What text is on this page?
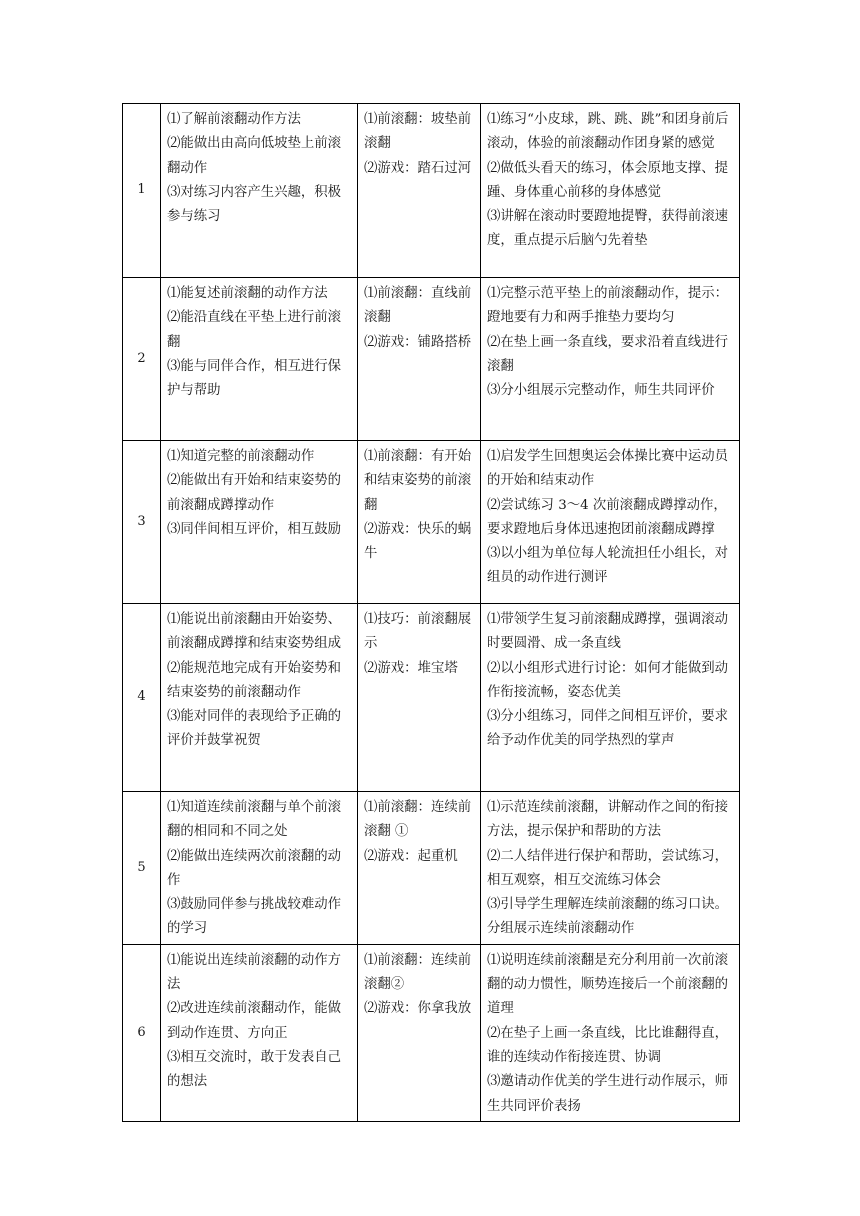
1	⑴了解前滚翻动作方法
⑵能做出由高向低坡垫上前滚翻动作
⑶对练习内容产生兴趣，积极参与练习	⑴前滚翻：坡垫前滚翻
⑵游戏：踏石过河	⑴练习“小皮球，跳、跳、跳”和团身前后滚动，体验的前滚翻动作团身紧的感觉
⑵做低头看天的练习，体会原地支撑、提踵、身体重心前移的身体感觉
⑶讲解在滚动时要蹬地提臀，获得前滚速度，重点提示后脑勺先着垫

2	⑴能复述前滚翻的动作方法
⑵能沿直线在平垫上进行前滚翻
⑶能与同伴合作，相互进行保护与帮助	⑴前滚翻：直线前滚翻
⑵游戏：铺路搭桥	⑴完整示范平垫上的前滚翻动作，提示：蹬地要有力和两手推垫力要均匀
⑵在垫上画一条直线，要求沿着直线进行滚翻
⑶分小组展示完整动作，师生共同评价

3	⑴知道完整的前滚翻动作
⑵能做出有开始和结束姿势的前滚翻成蹲撑动作
⑶同伴间相互评价，相互鼓励	⑴前滚翻：有开始和结束姿势的前滚翻
⑵游戏：快乐的蜗牛	⑴启发学生回想奥运会体操比赛中运动员的开始和结束动作
⑵尝试练习 3～4 次前滚翻成蹲撑动作，要求蹬地后身体迅速抱团前滚翻成蹲撑
⑶以小组为单位每人轮流担任小组长，对组员的动作进行测评

4	⑴能说出前滚翻由开始姿势、前滚翻成蹲撑和结束姿势组成
⑵能规范地完成有开始姿势和结束姿势的前滚翻动作
⑶能对同伴的表现给予正确的评价并鼓掌祝贺	⑴技巧：前滚翻展示
⑵游戏：堆宝塔	⑴带领学生复习前滚翻成蹲撑，强调滚动时要圆滑、成一条直线
⑵以小组形式进行讨论：如何才能做到动作衔接流畅，姿态优美
⑶分小组练习，同伴之间相互评价，要求给予动作优美的同学热烈的掌声

5	⑴知道连续前滚翻与单个前滚翻的相同和不同之处
⑵能做出连续两次前滚翻的动作
⑶鼓励同伴参与挑战较难动作的学习	⑴前滚翻：连续前滚翻 ①
⑵游戏：起重机	⑴示范连续前滚翻，讲解动作之间的衔接方法，提示保护和帮助的方法
⑵二人结伴进行保护和帮助，尝试练习，相互观察，相互交流练习体会
⑶引导学生理解连续前滚翻的练习口诀。分组展示连续前滚翻动作

6	⑴能说出连续前滚翻的动作方法
⑵改进连续前滚翻动作，能做到动作连贯、方向正
⑶相互交流时，敢于发表自己的想法	⑴前滚翻：连续前滚翻②
⑵游戏：你拿我放	⑴说明连续前滚翻是充分利用前一次前滚翻的动力惯性，顺势连接后一个前滚翻的道理
⑵在垫子上画一条直线，比比谁翻得直，谁的连续动作衔接连贯、协调
⑶邀请动作优美的学生进行动作展示，师生共同评价表扬
